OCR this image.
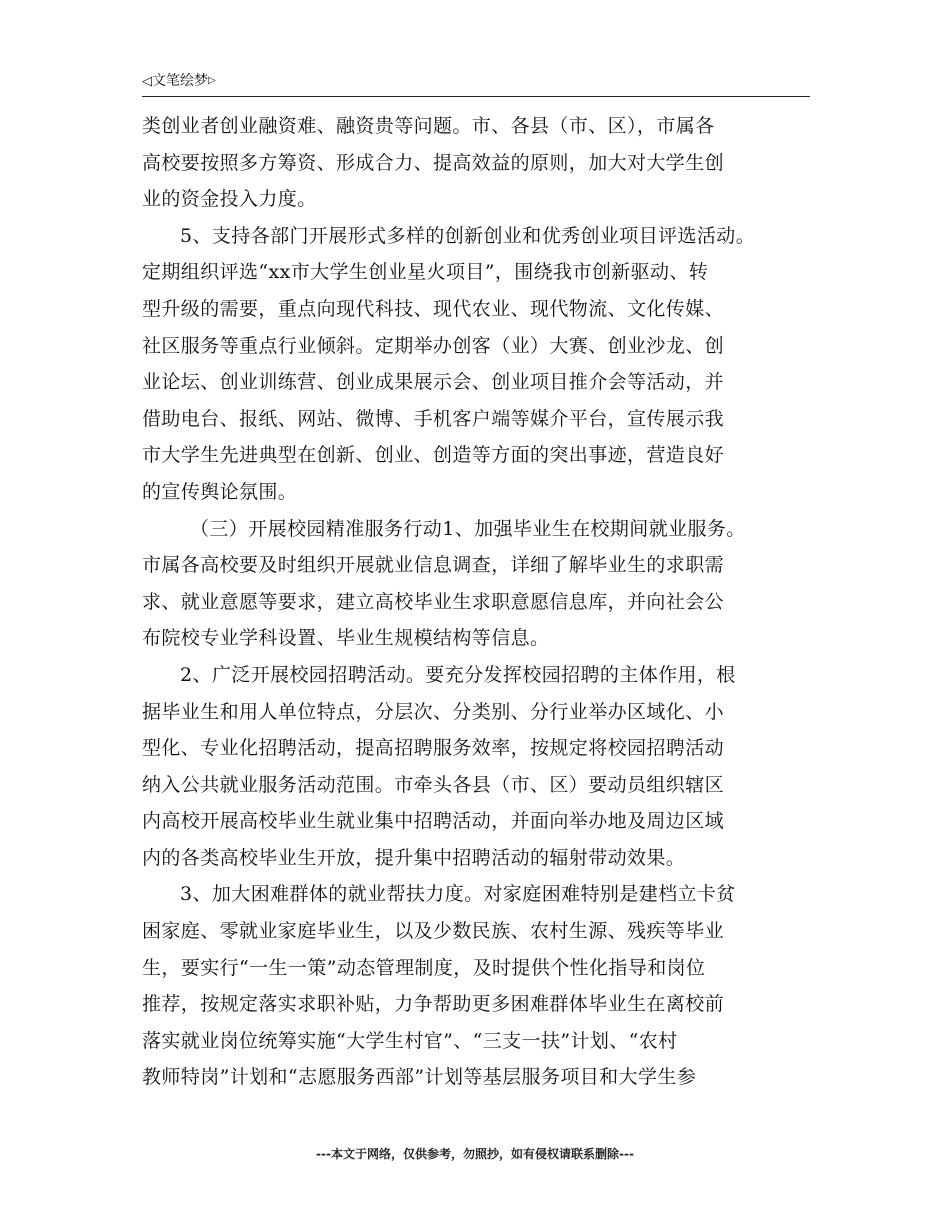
◁文笔绘梦▷
类创业者创业融资难、融资贵等问题。市、各县（市、区），市属各
高校要按照多方筹资、形成合力、提高效益的原则，加大对大学生创
业的资金投入力度。
5、支持各部门开展形式多样的创新创业和优秀创业项目评选活动。
定期组织评选“xx市大学生创业星火项目”，围绕我市创新驱动、转
型升级的需要，重点向现代科技、现代农业、现代物流、文化传媒、
社区服务等重点行业倾斜。定期举办创客（业）大赛、创业沙龙、创
业论坛、创业训练营、创业成果展示会、创业项目推介会等活动，并
借助电台、报纸、网站、微博、手机客户端等媒介平台，宣传展示我
市大学生先进典型在创新、创业、创造等方面的突出事迹，营造良好
的宣传舆论氛围。
（三）开展校园精准服务行动1、加强毕业生在校期间就业服务。
市属各高校要及时组织开展就业信息调查，详细了解毕业生的求职需
求、就业意愿等要求，建立高校毕业生求职意愿信息库，并向社会公
布院校专业学科设置、毕业生规模结构等信息。
2、广泛开展校园招聘活动。要充分发挥校园招聘的主体作用，根
据毕业生和用人单位特点，分层次、分类别、分行业举办区域化、小
型化、专业化招聘活动，提高招聘服务效率，按规定将校园招聘活动
纳入公共就业服务活动范围。市牵头各县（市、区）要动员组织辖区
内高校开展高校毕业生就业集中招聘活动，并面向举办地及周边区域
内的各类高校毕业生开放，提升集中招聘活动的辐射带动效果。
3、加大困难群体的就业帮扶力度。对家庭困难特别是建档立卡贫
困家庭、零就业家庭毕业生，以及少数民族、农村生源、残疾等毕业
生，要实行“一生一策”动态管理制度，及时提供个性化指导和岗位
推荐，按规定落实求职补贴，力争帮助更多困难群体毕业生在离校前
落实就业岗位统筹实施“大学生村官”、“三支一扶”计划、“农村
教师特岗”计划和“志愿服务西部”计划等基层服务项目和大学生参
---本文于网络，仅供参考，勿照抄，如有侵权请联系删除---
